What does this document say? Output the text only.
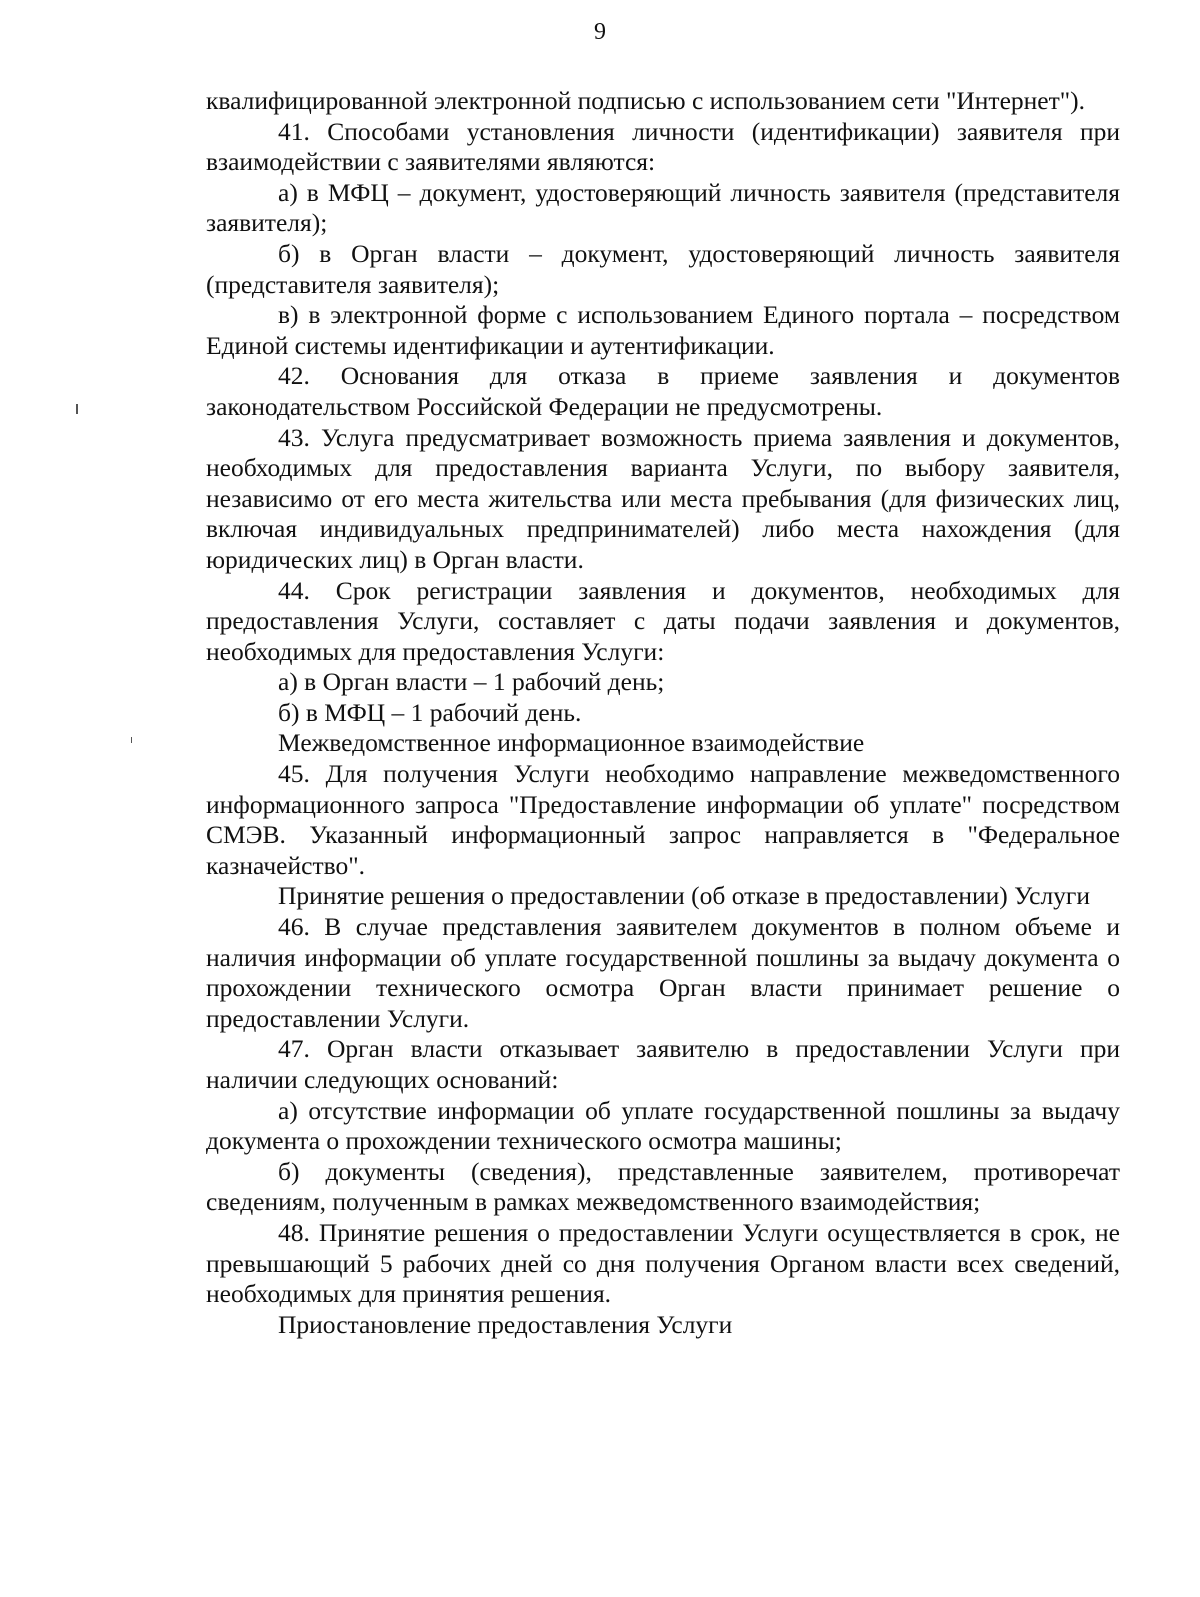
9

квалифицированной электронной подписью с использованием сети "Интернет").

41. Способами установления личности (идентификации) заявителя при взаимодействии с заявителями являются:

а) в МФЦ – документ, удостоверяющий личность заявителя (представителя заявителя);

б) в Орган власти – документ, удостоверяющий личность заявителя (представителя заявителя);

в) в электронной форме с использованием Единого портала – посредством Единой системы идентификации и аутентификации.

42. Основания для отказа в приеме заявления и документов законодательством Российской Федерации не предусмотрены.

43. Услуга предусматривает возможность приема заявления и документов, необходимых для предоставления варианта Услуги, по выбору заявителя, независимо от его места жительства или места пребывания (для физических лиц, включая индивидуальных предпринимателей) либо места нахождения (для юридических лиц) в Орган власти.

44. Срок регистрации заявления и документов, необходимых для предоставления Услуги, составляет с даты подачи заявления и документов, необходимых для предоставления Услуги:

а) в Орган власти – 1 рабочий день;

б) в МФЦ – 1 рабочий день.

Межведомственное информационное взаимодействие

45. Для получения Услуги необходимо направление межведомственного информационного запроса "Предоставление информации об уплате" посредством СМЭВ. Указанный информационный запрос направляется в "Федеральное казначейство".

Принятие решения о предоставлении (об отказе в предоставлении) Услуги

46. В случае представления заявителем документов в полном объеме и наличия информации об уплате государственной пошлины за выдачу документа о прохождении технического осмотра Орган власти принимает решение о предоставлении Услуги.

47. Орган власти отказывает заявителю в предоставлении Услуги при наличии следующих оснований:

а) отсутствие информации об уплате государственной пошлины за выдачу документа о прохождении технического осмотра машины;

б) документы (сведения), представленные заявителем, противоречат сведениям, полученным в рамках межведомственного взаимодействия;

48. Принятие решения о предоставлении Услуги осуществляется в срок, не превышающий 5 рабочих дней со дня получения Органом власти всех сведений, необходимых для принятия решения.

Приостановление предоставления Услуги
